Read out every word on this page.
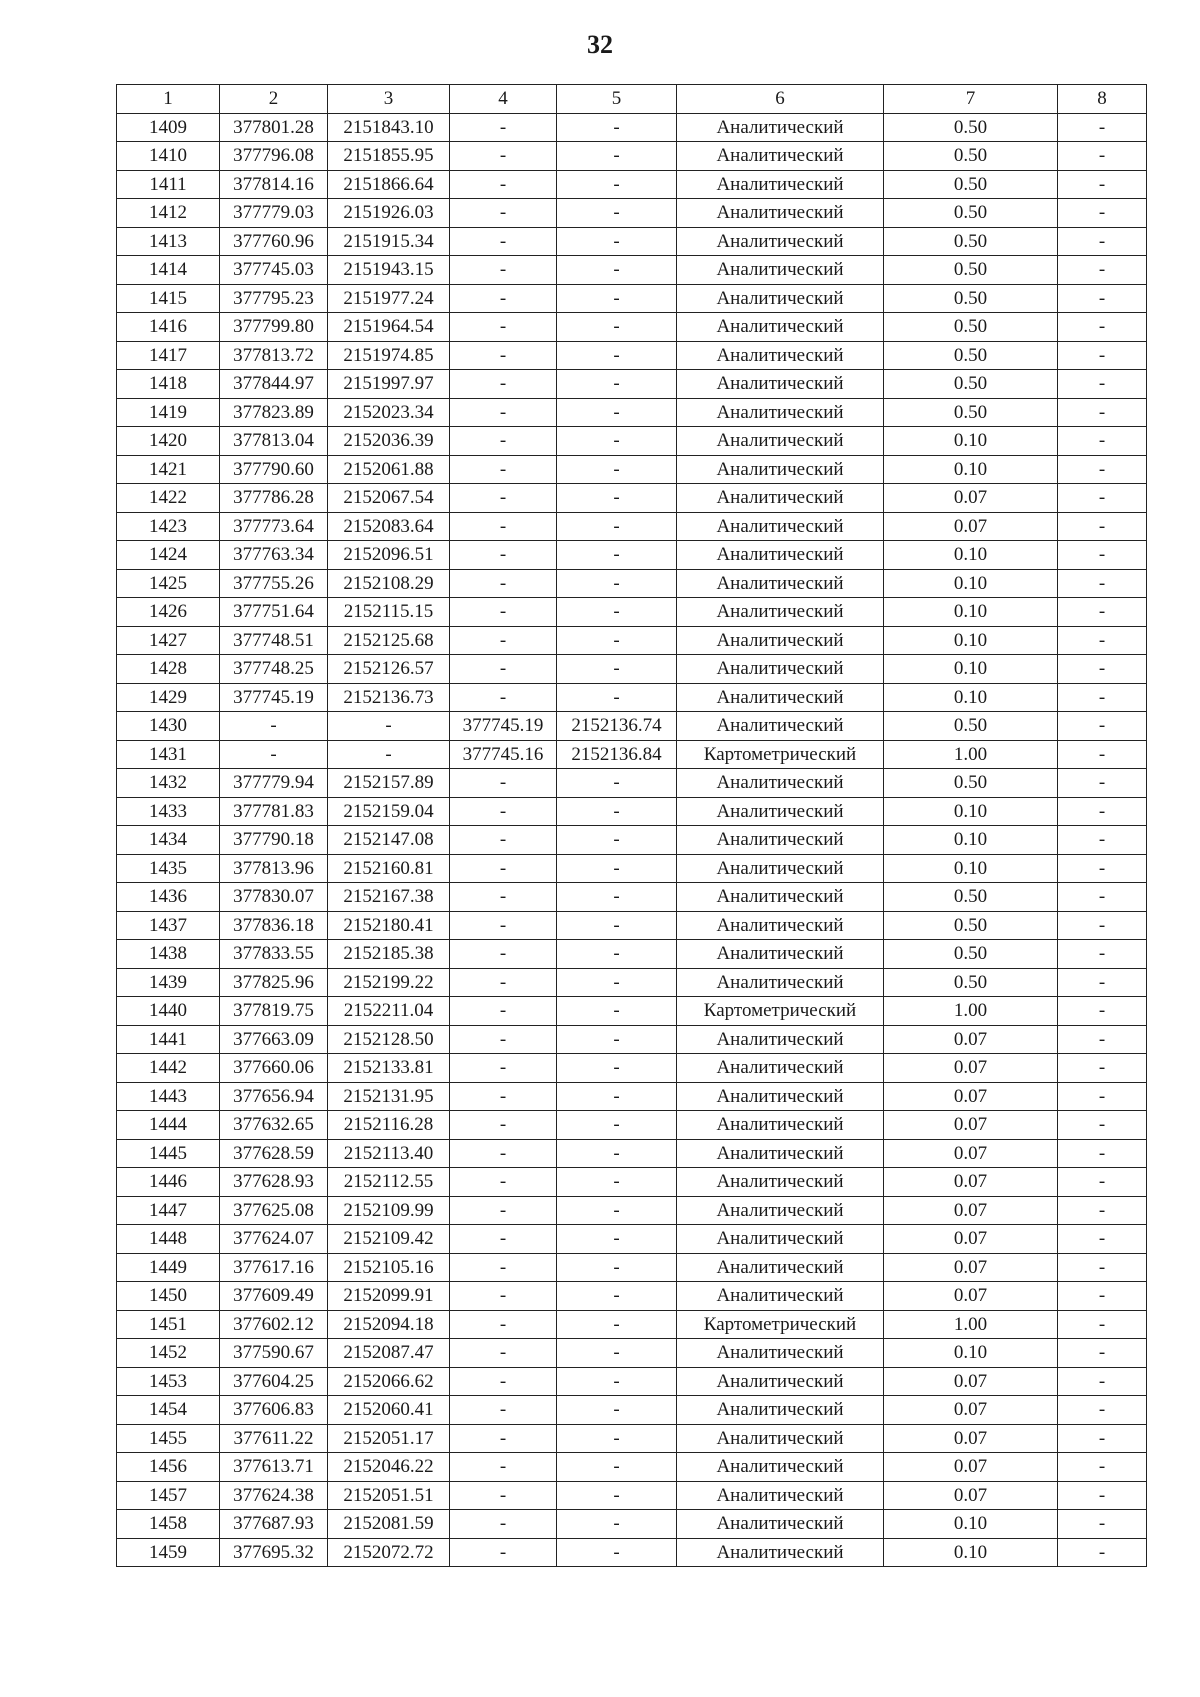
32
1	2	3	4	5	6	7	8
1409	377801.28	2151843.10	-	-	Аналитический	0.50	-
1410	377796.08	2151855.95	-	-	Аналитический	0.50	-
1411	377814.16	2151866.64	-	-	Аналитический	0.50	-
1412	377779.03	2151926.03	-	-	Аналитический	0.50	-
1413	377760.96	2151915.34	-	-	Аналитический	0.50	-
1414	377745.03	2151943.15	-	-	Аналитический	0.50	-
1415	377795.23	2151977.24	-	-	Аналитический	0.50	-
1416	377799.80	2151964.54	-	-	Аналитический	0.50	-
1417	377813.72	2151974.85	-	-	Аналитический	0.50	-
1418	377844.97	2151997.97	-	-	Аналитический	0.50	-
1419	377823.89	2152023.34	-	-	Аналитический	0.50	-
1420	377813.04	2152036.39	-	-	Аналитический	0.10	-
1421	377790.60	2152061.88	-	-	Аналитический	0.10	-
1422	377786.28	2152067.54	-	-	Аналитический	0.07	-
1423	377773.64	2152083.64	-	-	Аналитический	0.07	-
1424	377763.34	2152096.51	-	-	Аналитический	0.10	-
1425	377755.26	2152108.29	-	-	Аналитический	0.10	-
1426	377751.64	2152115.15	-	-	Аналитический	0.10	-
1427	377748.51	2152125.68	-	-	Аналитический	0.10	-
1428	377748.25	2152126.57	-	-	Аналитический	0.10	-
1429	377745.19	2152136.73	-	-	Аналитический	0.10	-
1430	-	-	377745.19	2152136.74	Аналитический	0.50	-
1431	-	-	377745.16	2152136.84	Картометрический	1.00	-
1432	377779.94	2152157.89	-	-	Аналитический	0.50	-
1433	377781.83	2152159.04	-	-	Аналитический	0.10	-
1434	377790.18	2152147.08	-	-	Аналитический	0.10	-
1435	377813.96	2152160.81	-	-	Аналитический	0.10	-
1436	377830.07	2152167.38	-	-	Аналитический	0.50	-
1437	377836.18	2152180.41	-	-	Аналитический	0.50	-
1438	377833.55	2152185.38	-	-	Аналитический	0.50	-
1439	377825.96	2152199.22	-	-	Аналитический	0.50	-
1440	377819.75	2152211.04	-	-	Картометрический	1.00	-
1441	377663.09	2152128.50	-	-	Аналитический	0.07	-
1442	377660.06	2152133.81	-	-	Аналитический	0.07	-
1443	377656.94	2152131.95	-	-	Аналитический	0.07	-
1444	377632.65	2152116.28	-	-	Аналитический	0.07	-
1445	377628.59	2152113.40	-	-	Аналитический	0.07	-
1446	377628.93	2152112.55	-	-	Аналитический	0.07	-
1447	377625.08	2152109.99	-	-	Аналитический	0.07	-
1448	377624.07	2152109.42	-	-	Аналитический	0.07	-
1449	377617.16	2152105.16	-	-	Аналитический	0.07	-
1450	377609.49	2152099.91	-	-	Аналитический	0.07	-
1451	377602.12	2152094.18	-	-	Картометрический	1.00	-
1452	377590.67	2152087.47	-	-	Аналитический	0.10	-
1453	377604.25	2152066.62	-	-	Аналитический	0.07	-
1454	377606.83	2152060.41	-	-	Аналитический	0.07	-
1455	377611.22	2152051.17	-	-	Аналитический	0.07	-
1456	377613.71	2152046.22	-	-	Аналитический	0.07	-
1457	377624.38	2152051.51	-	-	Аналитический	0.07	-
1458	377687.93	2152081.59	-	-	Аналитический	0.10	-
1459	377695.32	2152072.72	-	-	Аналитический	0.10	-
